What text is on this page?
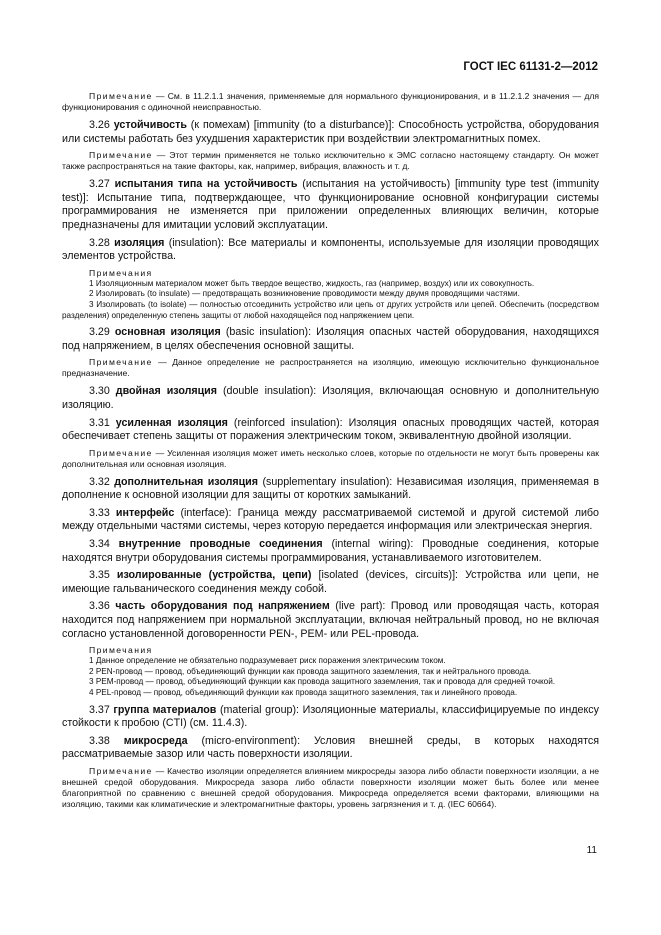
ГОСТ IEC 61131-2—2012

Примечание — См. в 11.2.1.1 значения, применяемые для нормального функционирования, и в 11.2.1.2 значения — для функционирования с одиночной неисправностью.

3.26 устойчивость (к помехам) [immunity (to a disturbance)]: Способность устройства, оборудования или системы работать без ухудшения характеристик при воздействии электромагнитных помех.

Примечание — Этот термин применяется не только исключительно к ЭМС согласно настоящему стандарту. Он может также распространяться на такие факторы, как, например, вибрация, влажность и т. д.

3.27 испытания типа на устойчивость (испытания на устойчивость) [immunity type test (immunity test)]: Испытание типа, подтверждающее, что функционирование основной конфигурации системы программирования не изменяется при приложении определенных влияющих величин, которые предназначены для имитации условий эксплуатации.

3.28 изоляция (insulation): Все материалы и компоненты, используемые для изоляции проводящих элементов устройства.

Примечания

1 Изоляционным материалом может быть твердое вещество, жидкость, газ (например, воздух) или их совокупность.

2 Изолировать (to insulate) — предотвращать возникновение проводимости между двумя проводящими частями.

3 Изолировать (to isolate) — полностью отсоединить устройство или цепь от других устройств или цепей. Обеспечить (посредством разделения) определенную степень защиты от любой находящейся под напряжением цепи.

3.29 основная изоляция (basic insulation): Изоляция опасных частей оборудования, находящихся под напряжением, в целях обеспечения основной защиты.

Примечание — Данное определение не распространяется на изоляцию, имеющую исключительно функциональное предназначение.

3.30 двойная изоляция (double insulation): Изоляция, включающая основную и дополнительную изоляцию.

3.31 усиленная изоляция (reinforced insulation): Изоляция опасных проводящих частей, которая обеспечивает степень защиты от поражения электрическим током, эквивалентную двойной изоляции.

Примечание — Усиленная изоляция может иметь несколько слоев, которые по отдельности не могут быть проверены как дополнительная или основная изоляция.

3.32 дополнительная изоляция (supplementary insulation): Независимая изоляция, применяемая в дополнение к основной изоляции для защиты от коротких замыканий.

3.33 интерфейс (interface): Граница между рассматриваемой системой и другой системой либо между отдельными частями системы, через которую передается информация или электрическая энергия.

3.34 внутренние проводные соединения (internal wiring): Проводные соединения, которые находятся внутри оборудования системы программирования, устанавливаемого изготовителем.

3.35 изолированные (устройства, цепи) [isolated (devices, circuits)]: Устройства или цепи, не имеющие гальванического соединения между собой.

3.36 часть оборудования под напряжением (live part): Провод или проводящая часть, которая находится под напряжением при нормальной эксплуатации, включая нейтральный провод, но не включая согласно установленной договоренности PEN-, PEM- или PEL-провода.

Примечания

1 Данное определение не обязательно подразумевает риск поражения электрическим током.

2 PEN-провод — провод, объединяющий функции как провода защитного заземления, так и нейтрального провода.

3 PEM-провод — провод, объединяющий функции как провода защитного заземления, так и провода для средней точкой.

4 PEL-провод — провод, объединяющий функции как провода защитного заземления, так и линейного провода.

3.37 группа материалов (material group): Изоляционные материалы, классифицируемые по индексу стойкости к пробою (CTI) (см. 11.4.3).

3.38 микросреда (micro-environment): Условия внешней среды, в которых находятся рассматриваемые зазор или часть поверхности изоляции.

Примечание — Качество изоляции определяется влиянием микросреды зазора либо области поверхности изоляции, а не внешней средой оборудования. Микросреда зазора либо области поверхности изоляции может быть более или менее благоприятной по сравнению с внешней средой оборудования. Микросреда определяется всеми факторами, влияющими на изоляцию, такими как климатические и электромагнитные факторы, уровень загрязнения и т. д. (IEC 60664).

11
